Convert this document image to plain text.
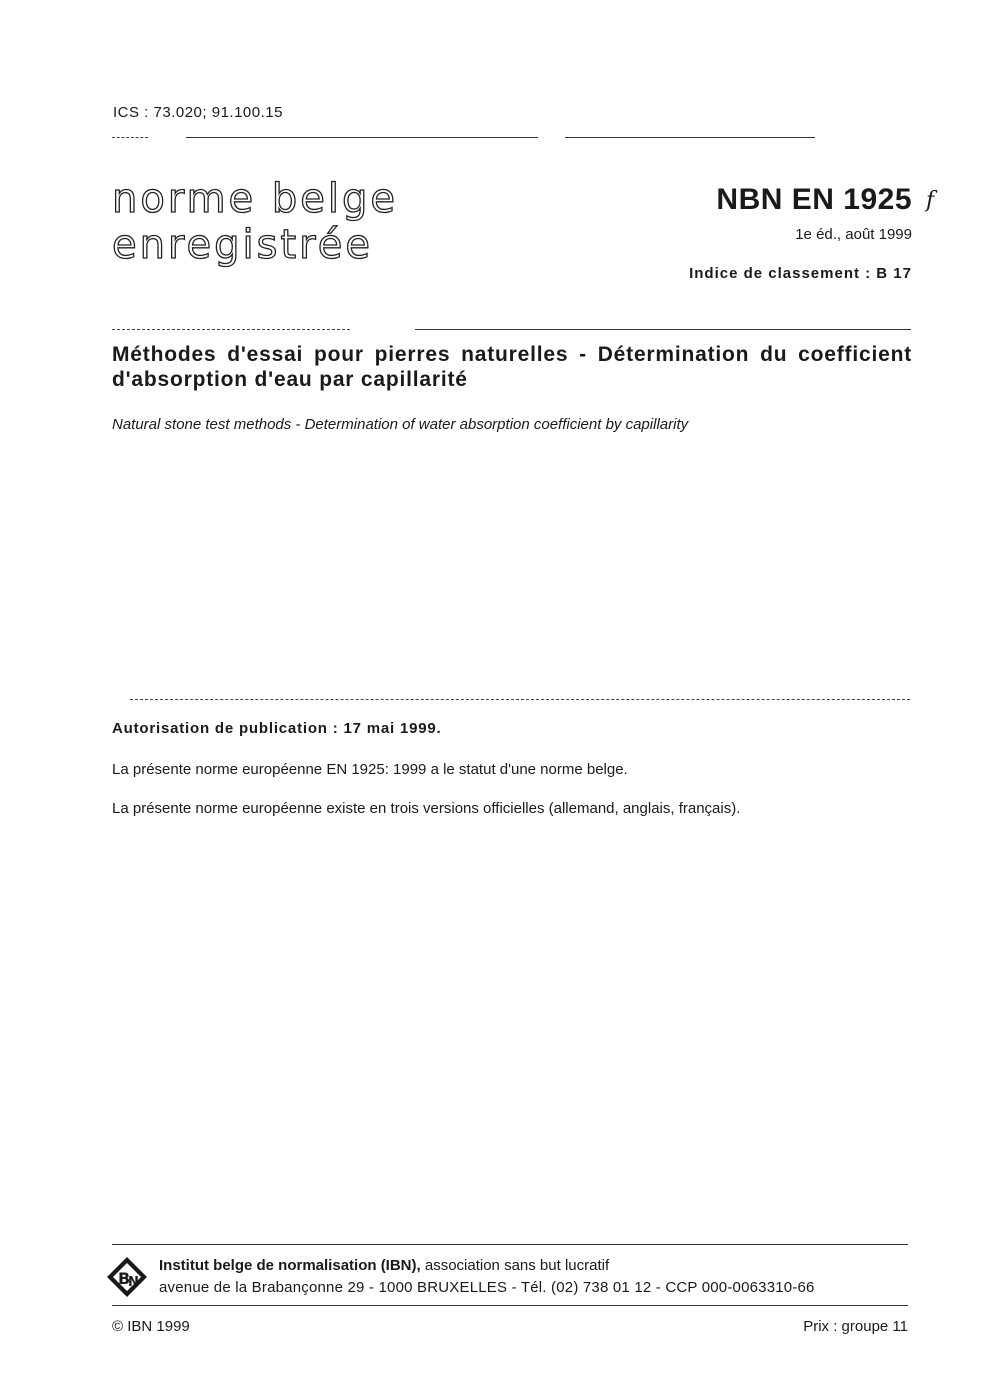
ICS : 73.020; 91.100.15
norme belge
enregistrée
NBN EN 1925 f
1e éd., août 1999
Indice de classement : B 17
Méthodes d'essai pour pierres naturelles - Détermination du coefficient d'absorption d'eau par capillarité
Natural stone test methods - Determination of water absorption coefficient by capillarity
Autorisation de publication : 17 mai 1999.
La présente norme européenne EN 1925: 1999 a le statut d'une norme belge.
La présente norme européenne existe en trois versions officielles (allemand, anglais, français).
B
N
Institut belge de normalisation (IBN), association sans but lucratif
avenue de la Brabançonne 29 - 1000 BRUXELLES - Tél. (02) 738 01 12 - CCP 000-0063310-66
© IBN 1999	Prix : groupe 11
